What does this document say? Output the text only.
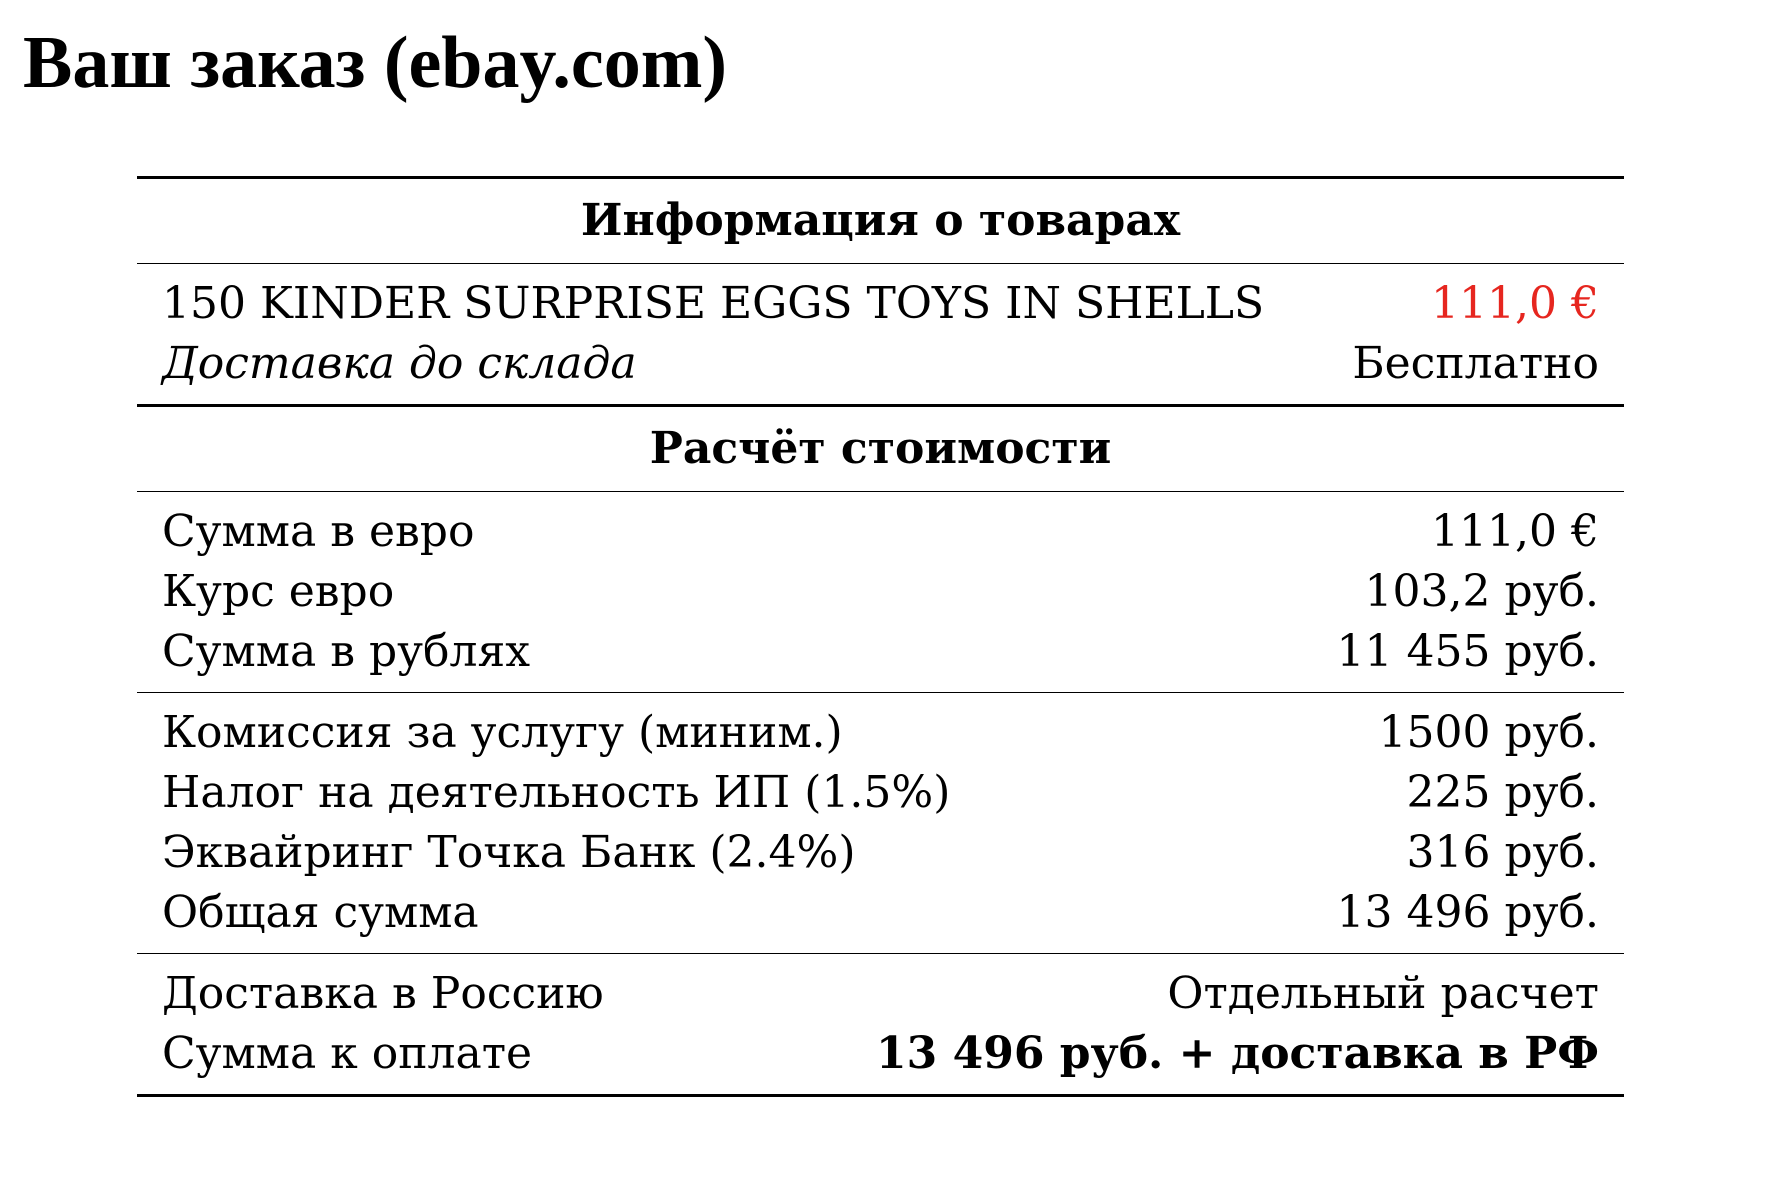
Ваш заказ (ebay.com)
Информация о товарах
150 KINDER SURPRISE EGGS TOYS IN SHELLS	111,0 €
Доставка до склада	Бесплатно
Расчёт стоимости
Сумма в евро	111,0 €
Курс евро	103,2 руб.
Сумма в рублях	11 455 руб.
Комиссия за услугу (миним.)	1500 руб.
Налог на деятельность ИП (1.5%)	225 руб.
Эквайринг Точка Банк (2.4%)	316 руб.
Общая сумма	13 496 руб.
Доставка в Россию	Отдельный расчет
Сумма к оплате	13 496 руб. + доставка в РФ
